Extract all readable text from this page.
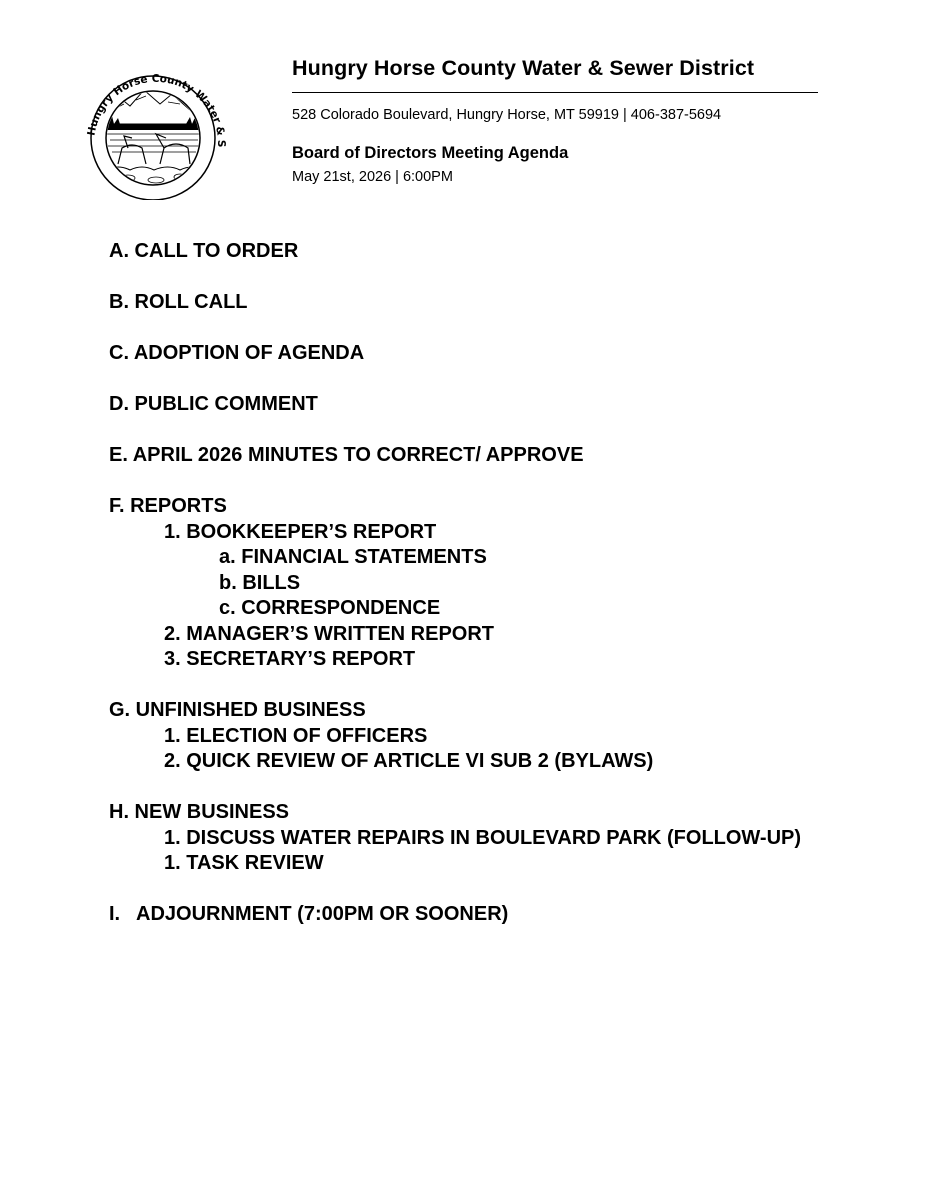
Hungry Horse County Water & S
Hungry Horse County Water & Sewer District
528 Colorado Boulevard, Hungry Horse, MT 59919 | 406-387-5694
Board of Directors Meeting Agenda
May 21st, 2026 | 6:00PM
A. CALL TO ORDER
B. ROLL CALL
C. ADOPTION OF AGENDA
D. PUBLIC COMMENT
E. APRIL 2026 MINUTES TO CORRECT/ APPROVE
F. REPORTS
1. BOOKKEEPER’S REPORT
a. FINANCIAL STATEMENTS
b. BILLS
c. CORRESPONDENCE
2. MANAGER’S WRITTEN REPORT
3. SECRETARY’S REPORT
G. UNFINISHED BUSINESS
1. ELECTION OF OFFICERS
2. QUICK REVIEW OF ARTICLE VI SUB 2 (BYLAWS)
H. NEW BUSINESS
1. DISCUSS WATER REPAIRS IN BOULEVARD PARK (FOLLOW-UP)
1. TASK REVIEW
I.   ADJOURNMENT (7:00PM OR SOONER)
